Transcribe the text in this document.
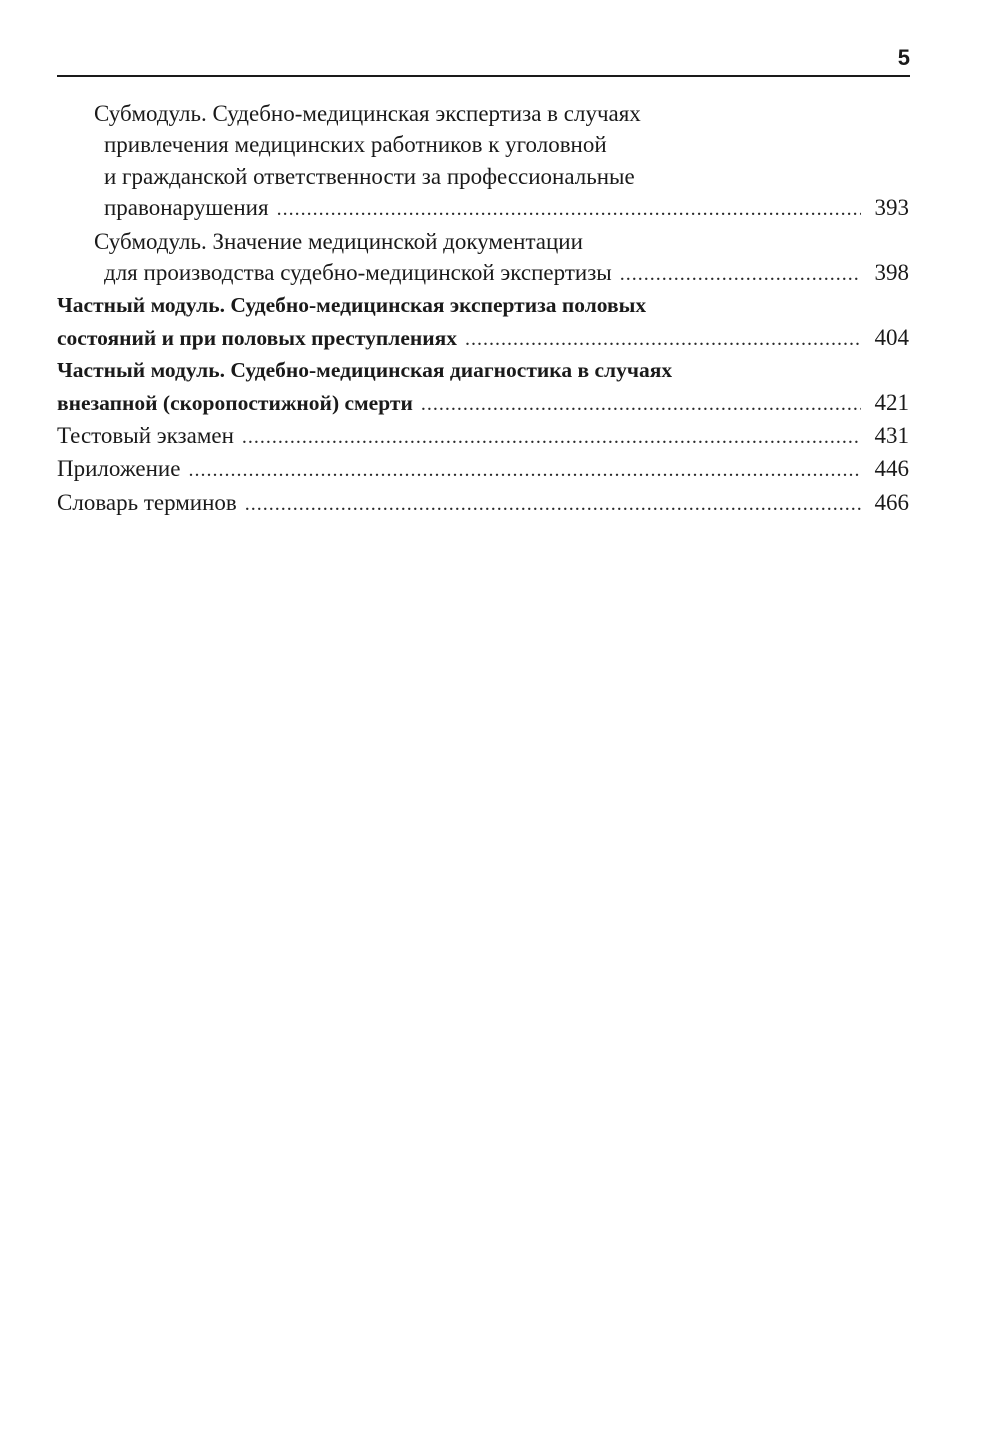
5
Субмодуль. Судебно-медицинская экспертиза в случаях
привлечения медицинских работников к уголовной
и гражданской ответственности за профессиональные
правонарушения .....	393
Субмодуль. Значение медицинской документации
для производства судебно-медицинской экспертизы .....	398
Частный модуль. Судебно-медицинская экспертиза половых
состояний и при половых преступлениях .....	404
Частный модуль. Судебно-медицинская диагностика в случаях
внезапной (скоропостижной) смерти .....	421
Тестовый экзамен .....	431
Приложение .....	446
Словарь терминов .....	466
